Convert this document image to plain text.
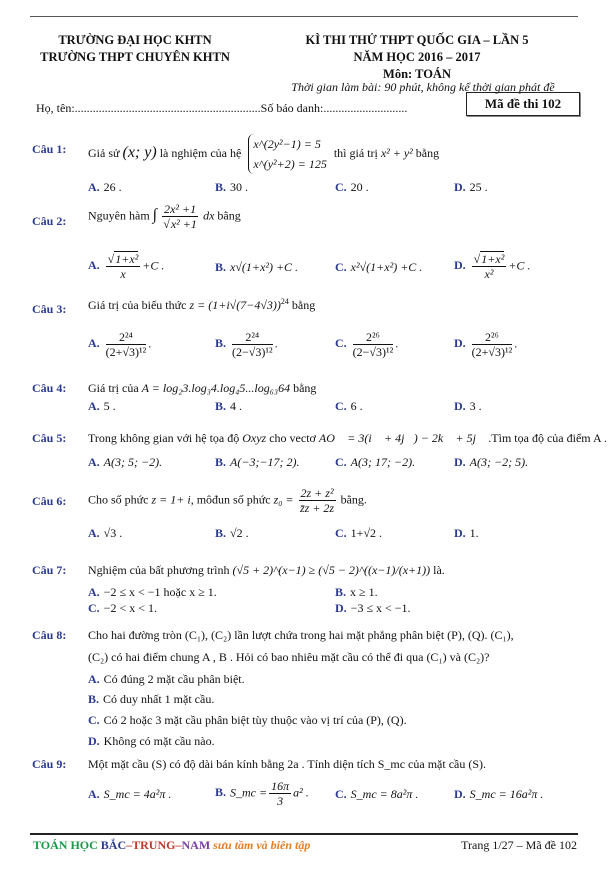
TRƯỜNG ĐẠI HỌC KHTN
TRƯỜNG THPT CHUYÊN KHTN
KÌ THI THỬ THPT QUỐC GIA – LẦN 5
NĂM HỌC 2016 – 2017
Môn: TOÁN
Thời gian làm bài: 90 phút, không kể thời gian phát đề
Họ, tên:..............................................................Số báo danh:............................	Mã đề thi 102
Câu 1: Giả sử (x; y) là nghiệm của hệ
x^(2y²−1) = 5
x^(y²+2) = 125
thì giá trị x² + y² bằng
A. 26 .	B. 30 .	C. 20 .	D. 25 .
Câu 2: Nguyên hàm ∫ $\frac{\text{2x² +1}}{\text{√x² +1}}$ dx bằng
A. $\frac{\text{√1+x²}}{x} +C$ .	B. x√(1+x²) +C .	C. x²√(1+x²) +C .	D. $\frac{\text{√1+x²}}{\text{x²}} +C$ .
Câu 3: Giá trị của biểu thức $z = (1+i√(7-4√3))^{24}$ bằng
A. $\frac{\text{2²⁴}}{\text{(2+√3)¹²}}$ .	B. $\frac{\text{2²⁴}}{\text{(2−√3)¹²}}$ .	C. $\frac{\text{2²⁶}}{\text{(2−√3)¹²}}$ .	D. $\frac{\text{2²⁶}}{\text{(2+√3)¹²}}$ .
Câu 4: Giá trị của A = log₂3.log₃4.log₄5...log₆₃64 bằng
A. 5 .	B. 4 .	C. 6 .	D. 3 .
Câu 5: Trong không gian với hệ tọa độ Oxyz cho vectơ AO⃗ = 3(i⃗ + 4j⃗) − 2k⃗ + 5j⃗ .Tìm tọa độ của điểm A .
A. A(3; 5; −2).	B. A(−3;−17; 2).	C. A(3; 17; −2).	D. A(3; −2; 5).
Câu 6: Cho số phức z = 1+ i, môđun số phức $z_0 = \frac{\text{2z + z²}}{z̄z + 2z}$ bằng.
A. √3 .	B. √2 .	C. 1+√2 .	D. 1.
Câu 7: Nghiệm của bất phương trình (√5 + 2)^(x−1) ≥ (√5 − 2)^((x−1)/(x+1)) là.
A. −2 ≤ x < −1 hoặc x ≥ 1.	B. x ≥ 1.
C. −2 < x < 1.	D. −3 ≤ x < −1.
Câu 8: Cho hai đường tròn (C₁), (C₂) lần lượt chứa trong hai mặt phẳng phân biệt (P), (Q). (C₁),
(C₂) có hai điểm chung A , B . Hỏi có bao nhiêu mặt cầu có thể đi qua (C₁) và (C₂)?
A. Có đúng 2 mặt cầu phân biệt.
B. Có duy nhất 1 mặt cầu.
C. Có 2 hoặc 3 mặt cầu phân biệt tùy thuộc vào vị trí của (P), (Q).
D. Không có mặt cầu nào.
Câu 9: Một mặt cầu (S) có độ dài bán kính bằng 2a . Tính diện tích S_mc của mặt cầu (S).
A. S_mc = 4a²π .	B. S_mc = $\frac{16\pi}{3} a^2$ . C. S_mc = 8a²π .	D. S_mc = 16a²π .
TOÁN HỌC BẮC–TRUNG–NAM sưu tầm và biên tập	Trang 1/27 – Mã đề 102
